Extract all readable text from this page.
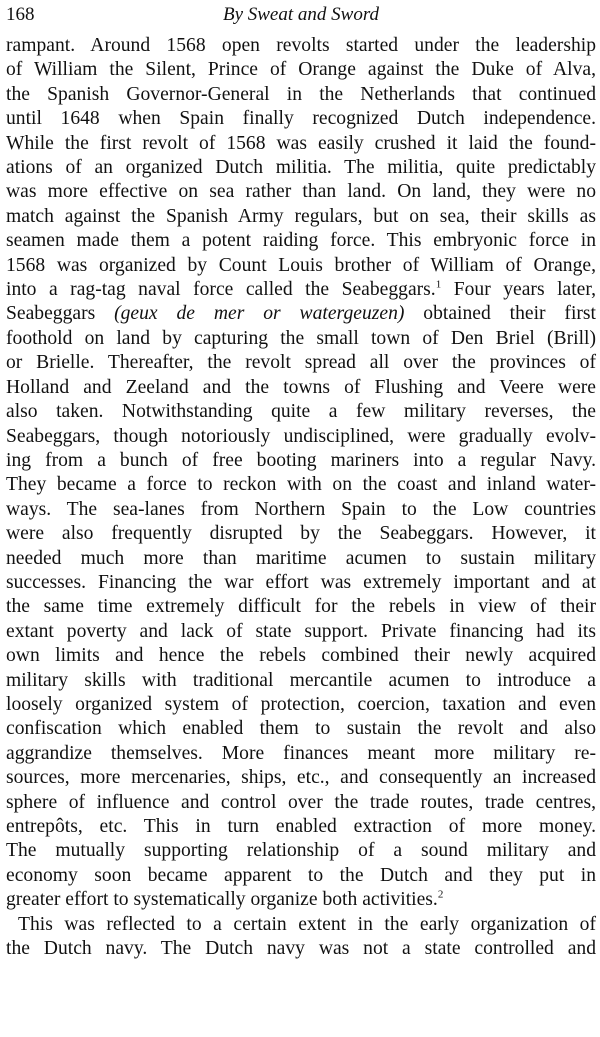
168	By Sweat and Sword

rampant. Around 1568 open revolts started under the leadership
of William the Silent, Prince of Orange against the Duke of Alva,
the Spanish Governor-General in the Netherlands that continued
until 1648 when Spain finally recognized Dutch independence.
While the first revolt of 1568 was easily crushed it laid the found-
ations of an organized Dutch militia. The militia, quite predictably
was more effective on sea rather than land. On land, they were no
match against the Spanish Army regulars, but on sea, their skills as
seamen made them a potent raiding force. This embryonic force in
1568 was organized by Count Louis brother of William of Orange,
into a rag-tag naval force called the Seabeggars.$^1$ Four years later,
Seabeggars (geux de mer or watergeuzen) obtained their first
foothold on land by capturing the small town of Den Briel (Brill)
or Brielle. Thereafter, the revolt spread all over the provinces of
Holland and Zeeland and the towns of Flushing and Veere were
also taken. Notwithstanding quite a few military reverses, the
Seabeggars, though notoriously undisciplined, were gradually evolv-
ing from a bunch of free booting mariners into a regular Navy.
They became a force to reckon with on the coast and inland water-
ways. The sea-lanes from Northern Spain to the Low countries
were also frequently disrupted by the Seabeggars. However, it
needed much more than maritime acumen to sustain military
successes. Financing the war effort was extremely important and at
the same time extremely difficult for the rebels in view of their
extant poverty and lack of state support. Private financing had its
own limits and hence the rebels combined their newly acquired
military skills with traditional mercantile acumen to introduce a
loosely organized system of protection, coercion, taxation and even
confiscation which enabled them to sustain the revolt and also
aggrandize themselves. More finances meant more military re-
sources, more mercenaries, ships, etc., and consequently an increased
sphere of influence and control over the trade routes, trade centres,
entrepôts, etc. This in turn enabled extraction of more money.
The mutually supporting relationship of a sound military and
economy soon became apparent to the Dutch and they put in
greater effort to systematically organize both activities.$^2$

This was reflected to a certain extent in the early organization of
the Dutch navy. The Dutch navy was not a state controlled and
